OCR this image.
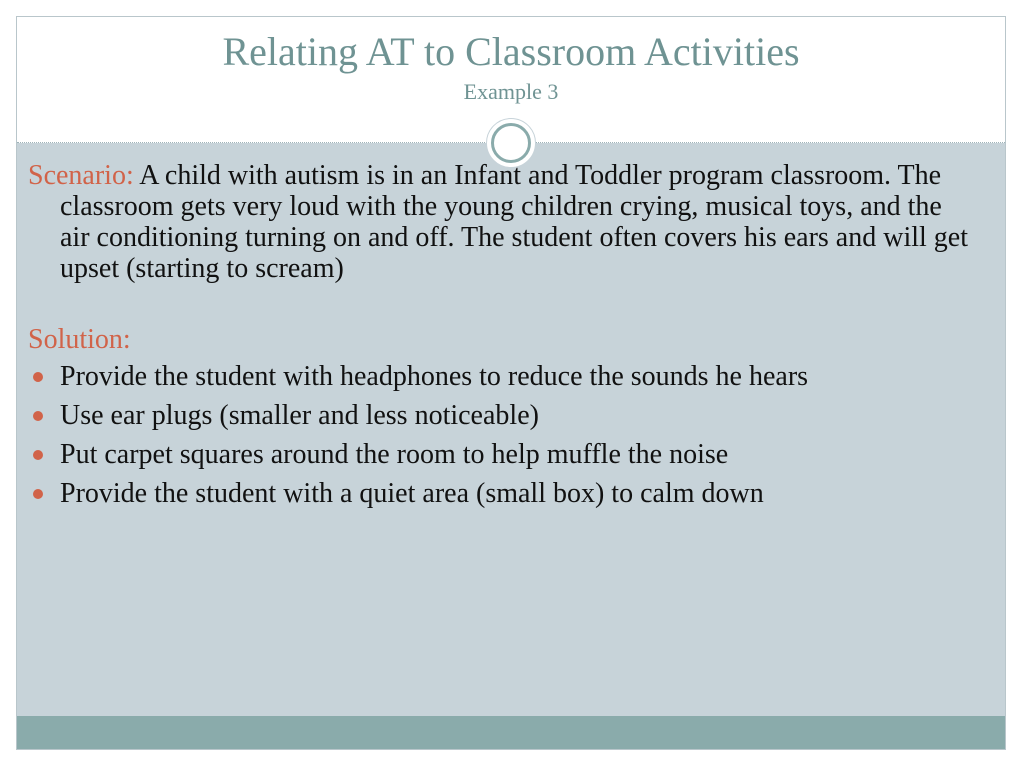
Relating AT to Classroom Activities
Example 3

Scenario: A child with autism is in an Infant and Toddler program classroom. The classroom gets very loud with the young children crying, musical toys, and the air conditioning turning on and off. The student often covers his ears and will get upset (starting to scream)

Solution:
Provide the student with headphones to reduce the sounds he hears
Use ear plugs (smaller and less noticeable)
Put carpet squares around the room to help muffle the noise
Provide the student with a quiet area (small box) to calm down
